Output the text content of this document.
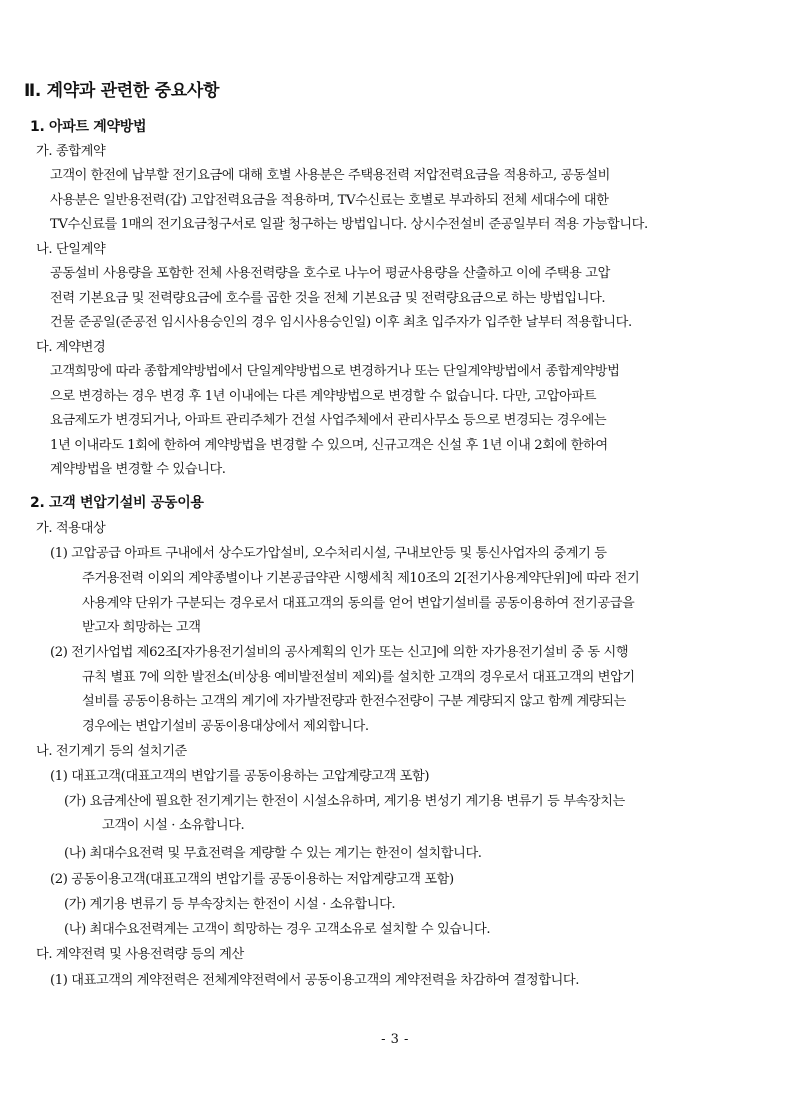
Ⅱ. 계약과 관련한 중요사항
1. 아파트 계약방법
가. 종합계약
고객이 한전에 납부할 전기요금에 대해 호별 사용분은 주택용전력 저압전력요금을 적용하고, 공동설비
사용분은 일반용전력(갑) 고압전력요금을 적용하며, TV수신료는 호별로 부과하되 전체 세대수에 대한
TV수신료를 1매의 전기요금청구서로 일괄 청구하는 방법입니다. 상시수전설비 준공일부터 적용 가능합니다.
나. 단일계약
공동설비 사용량을 포함한 전체 사용전력량을 호수로 나누어 평균사용량을 산출하고 이에 주택용 고압
전력 기본요금 및 전력량요금에 호수를 곱한 것을 전체 기본요금 및 전력량요금으로 하는 방법입니다.
건물 준공일(준공전 임시사용승인의 경우 임시사용승인일) 이후 최초 입주자가 입주한 날부터 적용합니다.
다. 계약변경
고객희망에 따라 종합계약방법에서 단일계약방법으로 변경하거나 또는 단일계약방법에서 종합계약방법
으로 변경하는 경우 변경 후 1년 이내에는 다른 계약방법으로 변경할 수 없습니다. 다만, 고압아파트
요금제도가 변경되거나, 아파트 관리주체가 건설 사업주체에서 관리사무소 등으로 변경되는 경우에는
1년 이내라도 1회에 한하여 계약방법을 변경할 수 있으며, 신규고객은 신설 후 1년 이내 2회에 한하여
계약방법을 변경할 수 있습니다.
2. 고객 변압기설비 공동이용
가. 적용대상
(1) 고압공급 아파트 구내에서 상수도가압설비, 오수처리시설, 구내보안등 및 통신사업자의 중계기 등
주거용전력 이외의 계약종별이나 기본공급약관 시행세칙 제10조의 2[전기사용계약단위]에 따라 전기
사용계약 단위가 구분되는 경우로서 대표고객의 동의를 얻어 변압기설비를 공동이용하여 전기공급을
받고자 희망하는 고객
(2) 전기사업법 제62조[자가용전기설비의 공사계획의 인가 또는 신고]에 의한 자가용전기설비 중 동 시행
규칙 별표 7에 의한 발전소(비상용 예비발전설비 제외)를 설치한 고객의 경우로서 대표고객의 변압기
설비를 공동이용하는 고객의 계기에 자가발전량과 한전수전량이 구분 계량되지 않고 함께 계량되는
경우에는 변압기설비 공동이용대상에서 제외합니다.
나. 전기계기 등의 설치기준
(1) 대표고객(대표고객의 변압기를 공동이용하는 고압계량고객 포함)
(가) 요금계산에 필요한 전기계기는 한전이 시설소유하며, 계기용 변성기 계기용 변류기 등 부속장치는
고객이 시설 · 소유합니다.
(나) 최대수요전력 및 무효전력을 계량할 수 있는 계기는 한전이 설치합니다.
(2) 공동이용고객(대표고객의 변압기를 공동이용하는 저압계량고객 포함)
(가) 계기용 변류기 등 부속장치는 한전이 시설 · 소유합니다.
(나) 최대수요전력계는 고객이 희망하는 경우 고객소유로 설치할 수 있습니다.
다. 계약전력 및 사용전력량 등의 계산
(1) 대표고객의 계약전력은 전체계약전력에서 공동이용고객의 계약전력을 차감하여 결정합니다.
- 3 -
